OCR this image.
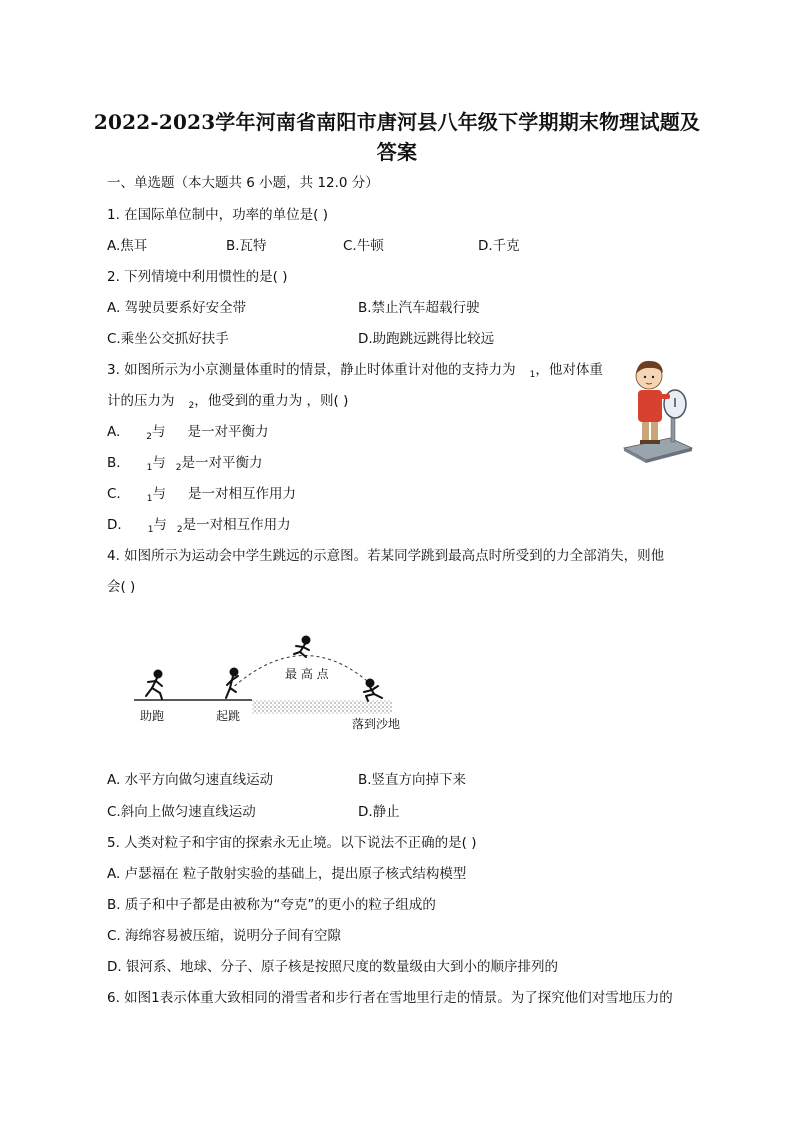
2022-2023学年河南省南阳市唐河县八年级下学期期末物理试题及
答案
一、单选题（本大题共 6 小题，共 12.0 分）
1. 在国际单位制中，功率的单位是( )
A.焦耳	B.瓦特	C.牛顿	D.千克
2. 下列情境中利用惯性的是( )
A. 驾驶员要系好安全带	B.禁止汽车超载行驶
C.乘坐公交抓好扶手	D.助跑跳远跳得比较远
3. 如图所示为小京测量体重时的情景，静止时体重计对他的支持力为 $_1$，他对体重
计的压力为 $_2$，他受到的重力为 ，则( )
A.	$_2$与 是一对平衡力
B.	$_1$与 $_2$是一对平衡力
C.	$_1$与 是一对相互作用力
D.	$_1$与 $_2$是一对相互作用力
4. 如图所示为运动会中学生跳远的示意图。若某同学跳到最高点时所受到的力全部消失，则他
会( )
助跑	起跳
最 高 点
落到沙地
A. 水平方向做匀速直线运动	B.竖直方向掉下来
C.斜向上做匀速直线运动	D.静止
5. 人类对粒子和宇宙的探索永无止境。以下说法不正确的是( )
A. 卢瑟福在 粒子散射实验的基础上，提出原子核式结构模型
B. 质子和中子都是由被称为“夸克”的更小的粒子组成的
C. 海绵容易被压缩，说明分子间有空隙
D. 银河系、地球、分子、原子核是按照尺度的数量级由大到小的顺序排列的
6. 如图1表示体重大致相同的滑雪者和步行者在雪地里行走的情景。为了探究他们对雪地压力的
